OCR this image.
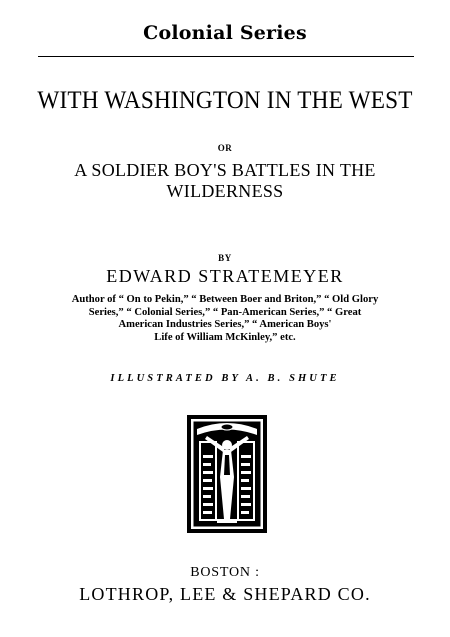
Colonial Series
WITH WASHINGTON IN THE WEST
OR
A SOLDIER BOY'S BATTLES IN THE
WILDERNESS
BY
EDWARD STRATEMEYER
Author of “ On to Pekin,” “ Between Boer and Briton,” “ Old Glory
Series,” “ Colonial Series,” “ Pan-American Series,” “ Great
American Industries Series,” “ American Boys'
Life of William McKinley,” etc.
ILLUSTRATED BY A. B. SHUTE
BOSTON :
LOTHROP, LEE & SHEPARD CO.
